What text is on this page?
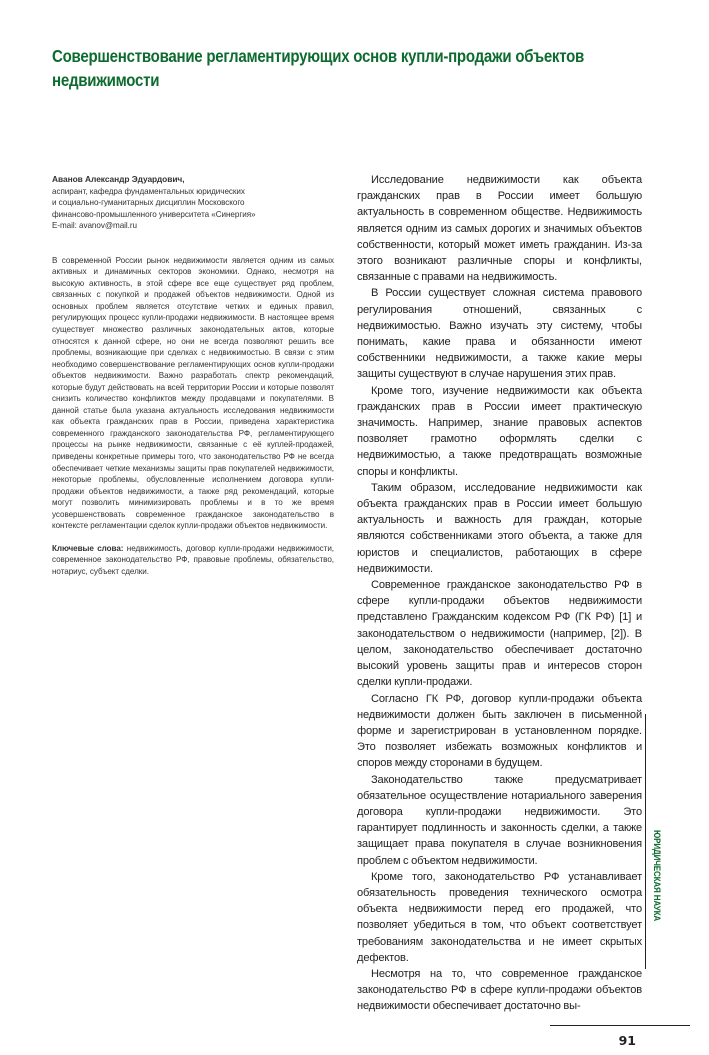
Совершенствование регламентирующих основ купли-продажи объектов недвижимости
Аванов Александр Эдуардович,

аспирант, кафедра фундаментальных юридических

и социально-гуманитарных дисциплин Московского

финансово-промышленного университета «Синергия»

E-mail: avanov@mail.ru

В современной России рынок недвижимости является одним из самых активных и динамичных секторов экономики. Однако, несмотря на высокую активность, в этой сфере все еще существует ряд проблем, связанных с покупкой и продажей объектов недвижимости. Одной из основных проблем является отсутствие четких и единых правил, регулирующих процесс купли-продажи недвижимости. В настоящее время существует множество различных законодательных актов, которые относятся к данной сфере, но они не всегда позволяют решить все проблемы, возникающие при сделках с недвижимостью. В связи с этим необходимо совершенствование регламентирующих основ купли-продажи объектов недвижимости. Важно разработать спектр рекомендаций, которые будут действовать на всей территории России и которые позволят снизить количество конфликтов между продавцами и покупателями. В данной статье была указана актуальность исследования недвижимости как объекта гражданских прав в России, приведена характеристика современного гражданского законодательства РФ, регламентирующего процессы на рынке недвижимости, связанные с её куплей-продажей, приведены конкретные примеры того, что законодательство РФ не всегда обеспечивает четкие механизмы защиты прав покупателей недвижимости, некоторые проблемы, обусловленные исполнением договора купли-продажи объектов недвижимости, а также ряд рекомендаций, которые могут позволить минимизировать проблемы и в то же время усовершенствовать современное гражданское законодательство в контексте регламентации сделок купли-продажи объектов недвижимости.
Ключевые слова: недвижимость, договор купли-продажи недвижимости, современное законодательство РФ, правовые проблемы, обязательство, нотариус, субъект сделки.

Исследование недвижимости как объекта гражданских прав в России имеет большую актуальность в современном обществе. Недвижимость является одним из самых дорогих и значимых объектов собственности, который может иметь гражданин. Из-за этого возникают различные споры и конфликты, связанные с правами на недвижимость.

В России существует сложная система правового регулирования отношений, связанных с недвижимостью. Важно изучать эту систему, чтобы понимать, какие права и обязанности имеют собственники недвижимости, а также какие меры защиты существуют в случае нарушения этих прав.

Кроме того, изучение недвижимости как объекта гражданских прав в России имеет практическую значимость. Например, знание правовых аспектов позволяет грамотно оформлять сделки с недвижимостью, а также предотвращать возможные споры и конфликты.

Таким образом, исследование недвижимости как объекта гражданских прав в России имеет большую актуальность и важность для граждан, которые являются собственниками этого объекта, а также для юристов и специалистов, работающих в сфере недвижимости.

Современное гражданское законодательство РФ в сфере купли-продажи объектов недвижимости представлено Гражданским кодексом РФ (ГК РФ) [1] и законодательством о недвижимости (например, [2]). В целом, законодательство обеспечивает достаточно высокий уровень защиты прав и интересов сторон сделки купли-продажи.

Согласно ГК РФ, договор купли-продажи объекта недвижимости должен быть заключен в письменной форме и зарегистрирован в установленном порядке. Это позволяет избежать возможных конфликтов и споров между сторонами в будущем.

Законодательство также предусматривает обязательное осуществление нотариального заверения договора купли-продажи недвижимости. Это гарантирует подлинность и законность сделки, а также защищает права покупателя в случае возникновения проблем с объектом недвижимости.

Кроме того, законодательство РФ устанавливает обязательность проведения технического осмотра объекта недвижимости перед его продажей, что позволяет убедиться в том, что объект соответствует требованиям законодательства и не имеет скрытых дефектов.

Несмотря на то, что современное гражданское законодательство РФ в сфере купли-продажи объектов недвижимости обеспечивает достаточно вы-

91
ЮРИДИЧЕСКАЯ НАУКА
